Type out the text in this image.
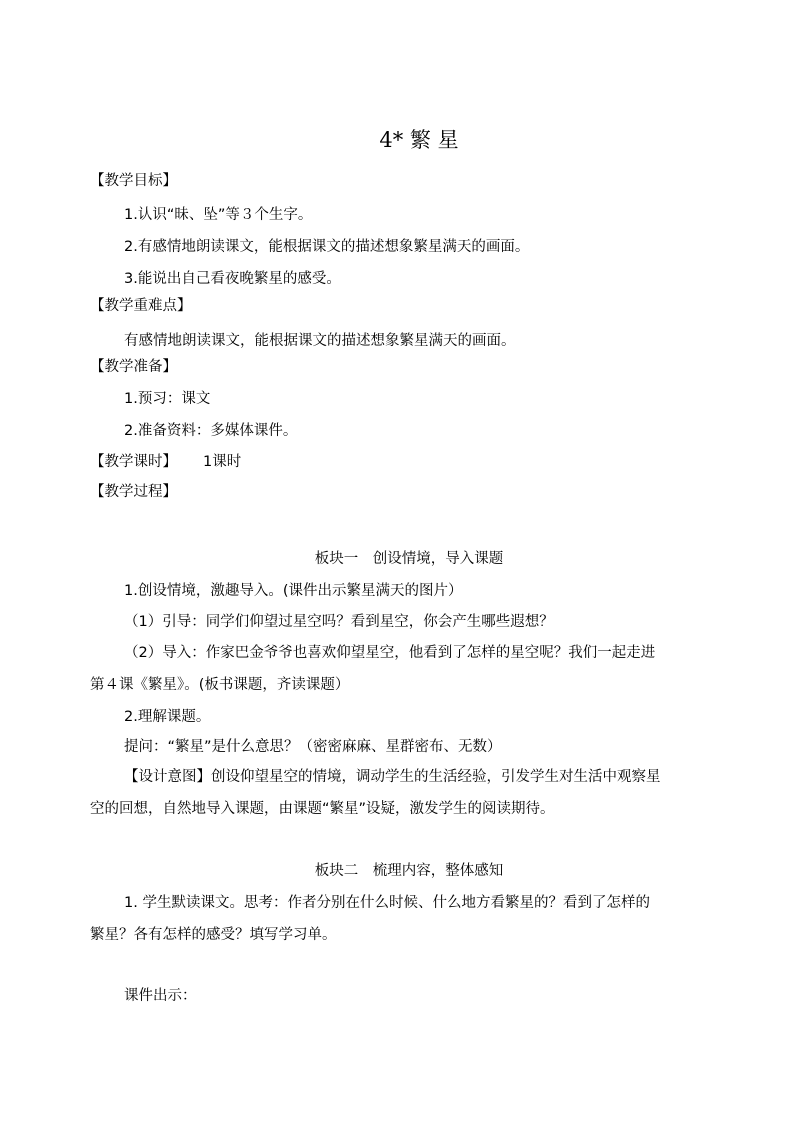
4* 繁 星
【教学目标】
1.认识“昧、坠”等３个生字。
2.有感情地朗读课文，能根据课文的描述想象繁星满天的画面。
3.能说出自己看夜晚繁星的感受。
【教学重难点】
有感情地朗读课文，能根据课文的描述想象繁星满天的画面。
【教学准备】
1.预习：课文
2.准备资料：多媒体课件。
【教学课时】 1课时
【教学过程】
板块一　创设情境，导入课题
1.创设情境，激趣导入。(课件出示繁星满天的图片）
（1）引导：同学们仰望过星空吗？看到星空，你会产生哪些遐想？
（2）导入：作家巴金爷爷也喜欢仰望星空，他看到了怎样的星空呢？我们一起走进
第４课《繁星》。(板书课题，齐读课题）
2.理解课题。
提问：“繁星”是什么意思？（密密麻麻、星群密布、无数）
【设计意图】创设仰望星空的情境，调动学生的生活经验，引发学生对生活中观察星
空的回想，自然地导入课题，由课题“繁星”设疑，激发学生的阅读期待。
板块二　梳理内容，整体感知
1. 学生默读课文。思考：作者分别在什么时候、什么地方看繁星的？看到了怎样的
繁星？各有怎样的感受？填写学习单。
课件出示：
